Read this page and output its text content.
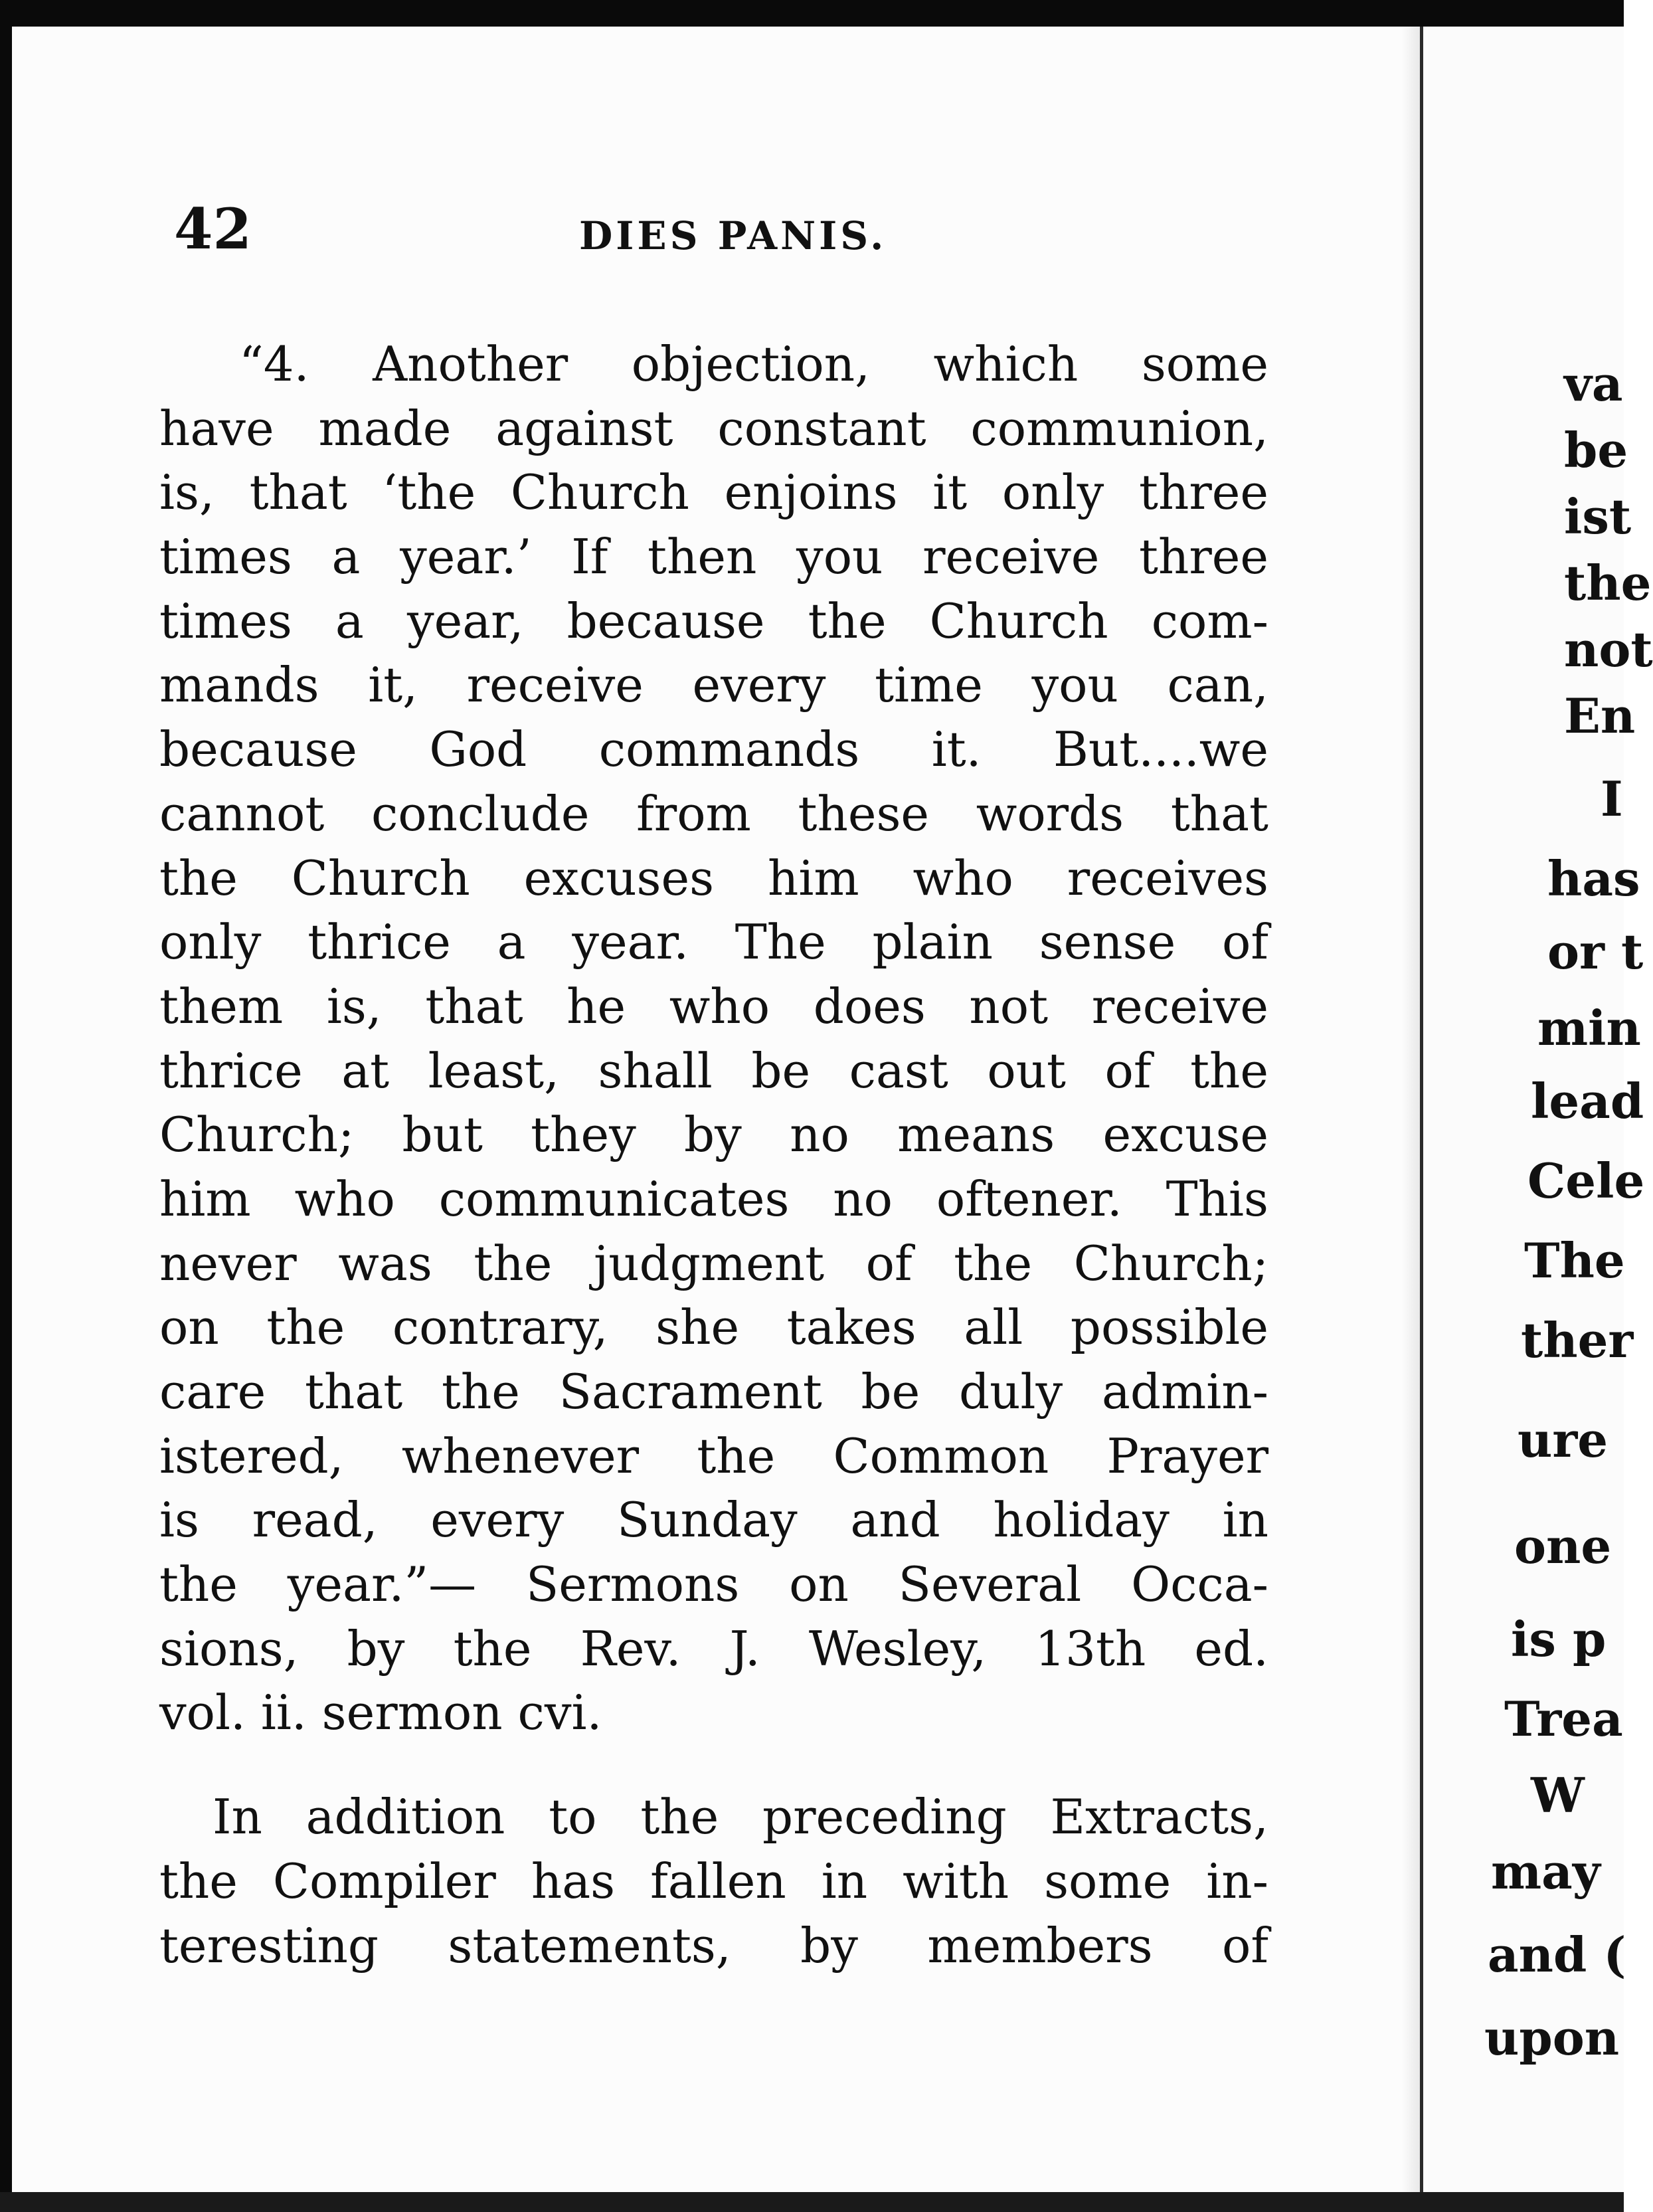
42	DIES PANIS.
“4. Another objection, which some
have made against constant communion,
is, that ‘the Church enjoins it only three
times a year.’ If then you receive three
times a year, because the Church com-
mands it, receive every time you can,
because God commands it. But....we
cannot conclude from these words that
the Church excuses him who receives
only thrice a year. The plain sense of
them is, that he who does not receive
thrice at least, shall be cast out of the
Church; but they by no means excuse
him who communicates no oftener. This
never was the judgment of the Church;
on the contrary, she takes all possible
care that the Sacrament be duly admin-
istered, whenever the Common Prayer
is read, every Sunday and holiday in
the year.”— Sermons on Several Occa-
sions, by the Rev. J. Wesley, 13th ed.
vol. ii. sermon cvi.
In addition to the preceding Extracts,
the Compiler has fallen in with some in-
teresting statements, by members of
va
be
ist
the
not
En
I
has
or t
min
lead
Cele
The
ther
ure
one
is p
Trea
W
may
and (
upon
